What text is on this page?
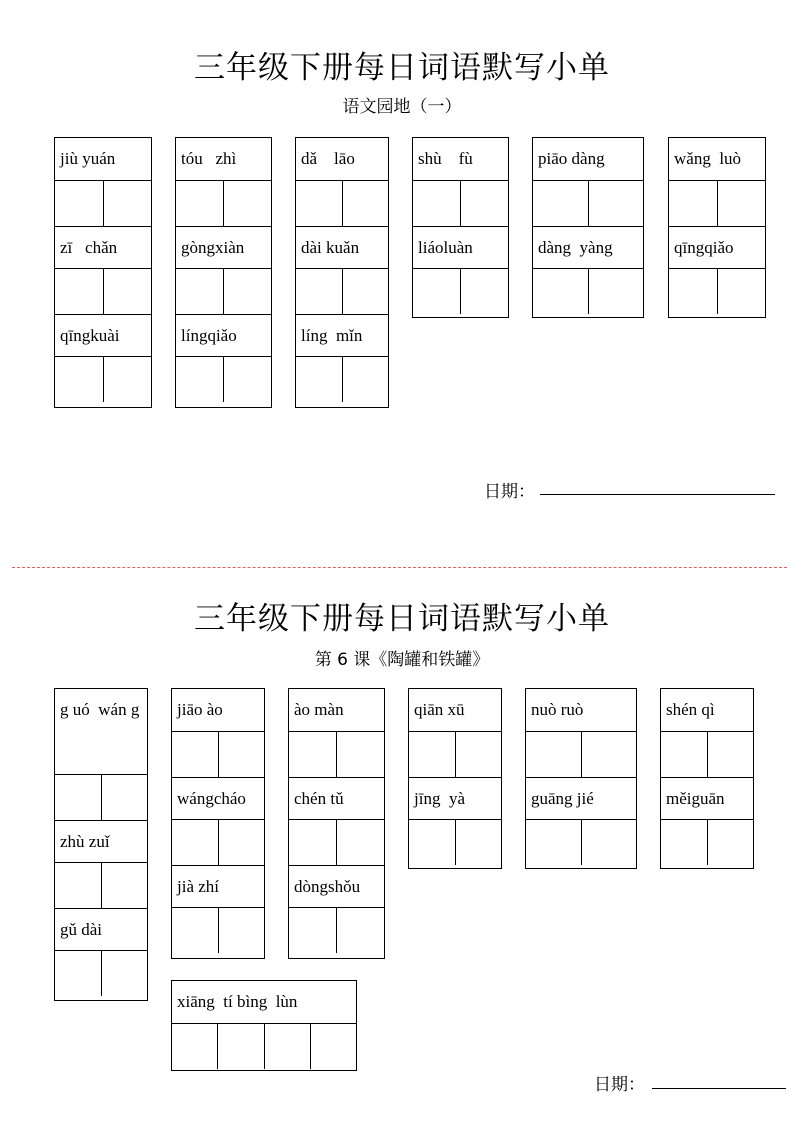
三年级下册每日词语默写小单
语文园地（一）
jiù yuán
zī   chǎn
qīngkuài
tóu   zhì
gòngxiàn
língqiǎo
dǎ    lāo
dài kuǎn
líng  mǐn
shù    fù
liáoluàn
piāo dàng
dàng  yàng
wǎng  luò
qīngqiǎo
日期：
三年级下册每日词语默写小单
第 6 课《陶罐和铁罐》
g uó  wán g
zhù zuǐ
gǔ dài
jiāo ào
wángcháo
jià zhí
ào màn
chén tǔ
dòngshǒu
qiān xū
jīng  yà
nuò ruò
guāng jié
shén qì
měiguān
xiāng  tí bìng  lùn
日期：
